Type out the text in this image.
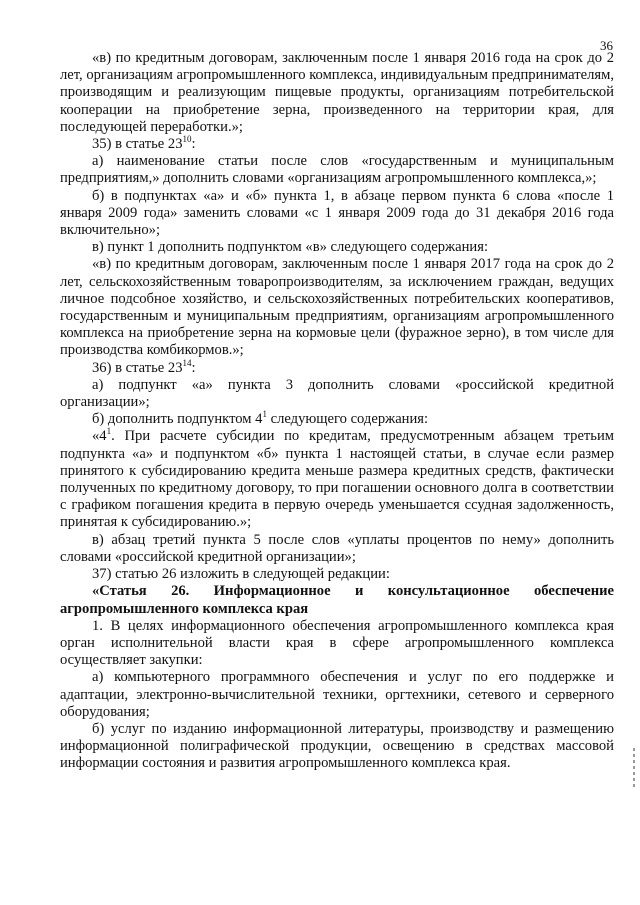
36

«в) по кредитным договорам, заключенным после 1 января 2016 года на срок до 2 лет, организациям агропромышленного комплекса, индивидуальным предпринимателям, производящим и реализующим пищевые продукты, организациям потребительской кооперации на приобретение зерна, произведенного на территории края, для последующей переработки.»;

35) в статье $23^{10}$:

а) наименование статьи после слов «государственным и муниципальным предприятиям,» дополнить словами «организациям агропромышленного комплекса,»;

б) в подпунктах «а» и «б» пункта 1, в абзаце первом пункта 6 слова «после 1 января 2009 года» заменить словами «с 1 января 2009 года до 31 декабря 2016 года включительно»;

в) пункт 1 дополнить подпунктом «в» следующего содержания:

«в) по кредитным договорам, заключенным после 1 января 2017 года на срок до 2 лет, сельскохозяйственным товаропроизводителям, за исключением граждан, ведущих личное подсобное хозяйство, и сельскохозяйственных потребительских кооперативов, государственным и муниципальным предприятиям, организациям агропромышленного комплекса на приобретение зерна на кормовые цели (фуражное зерно), в том числе для производства комбикормов.»;

36) в статье $23^{14}$:

а) подпункт «а» пункта 3 дополнить словами «российской кредитной организации»;

б) дополнить подпунктом $4^1$ следующего содержания:

«$4^1$. При расчете субсидии по кредитам, предусмотренным абзацем третьим подпункта «а» и подпунктом «б» пункта 1 настоящей статьи, в случае если размер принятого к субсидированию кредита меньше размера кредитных средств, фактически полученных по кредитному договору, то при погашении основного долга в соответствии с графиком погашения кредита в первую очередь уменьшается ссудная задолженность, принятая к субсидированию.»;

в) абзац третий пункта 5 после слов «уплаты процентов по нему» дополнить словами «российской кредитной организации»;

37) статью 26 изложить в следующей редакции:

«Статья 26. Информационное и консультационное обеспечение агропромышленного комплекса края

1. В целях информационного обеспечения агропромышленного комплекса края орган исполнительной власти края в сфере агропромышленного комплекса осуществляет закупки:

а) компьютерного программного обеспечения и услуг по его поддержке и адаптации, электронно-вычислительной техники, оргтехники, сетевого и серверного оборудования;

б) услуг по изданию информационной литературы, производству и размещению информационной полиграфической продукции, освещению в средствах массовой информации состояния и развития агропромышленного комплекса края.
